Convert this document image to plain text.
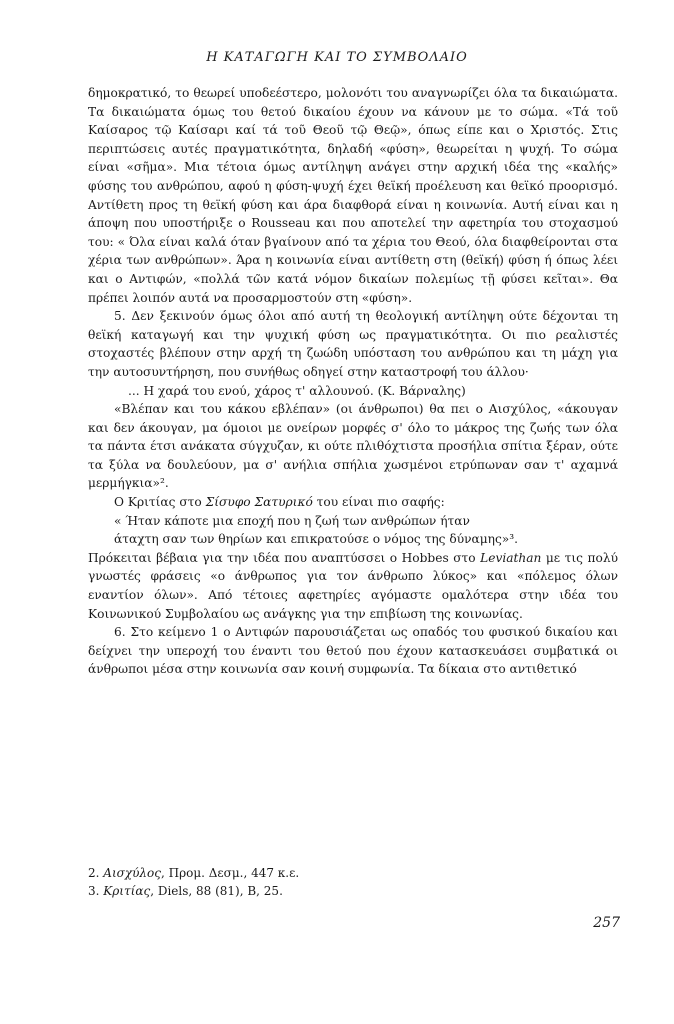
Η ΚΑΤΑΓΩΓΗ ΚΑΙ ΤΟ ΣΥΜΒΟΛΑΙΟ

δημοκρατικό, το θεωρεί υποδεέστερο, μολονότι του αναγνωρίζει όλα τα δικαιώματα. Τα δικαιώματα όμως του θετού δικαίου έχουν να κάνουν με το σώμα. «Τά τοῦ Καίσαρος τῷ Καίσαρι καί τά τοῦ Θεοῦ τῷ Θεῷ», όπως είπε και ο Χριστός. Στις περιπτώσεις αυτές πραγματικότητα, δηλαδή «φύση», θεωρείται η ψυχή. Το σώμα είναι «σῆμα». Μια τέτοια όμως αντίληψη ανάγει στην αρχική ιδέα της «καλής» φύσης του ανθρώπου, αφού η φύση-ψυχή έχει θεϊκή προέλευση και θεϊκό προορισμό. Αντίθετη προς τη θεϊκή φύση και άρα διαφθορά είναι η κοινωνία. Αυτή είναι και η άποψη που υποστήριξε ο Rousseau και που αποτελεί την αφετηρία του στοχασμού του: « Όλα είναι καλά όταν βγαίνουν από τα χέρια του Θεού, όλα διαφθείρονται στα χέρια των ανθρώπων». Άρα η κοινωνία είναι αντίθετη στη (θεϊκή) φύση ή όπως λέει και ο Αντιφών, «πολλά τῶν κατά νόμον δικαίων πολεμίως τῇ φύσει κεῖται». Θα πρέπει λοιπόν αυτά να προσαρμοστούν στη «φύση».

5. Δεν ξεκινούν όμως όλοι από αυτή τη θεολογική αντίληψη ούτε δέχονται τη θεϊκή καταγωγή και την ψυχική φύση ως πραγματικότητα. Οι πιο ρεαλιστές στοχαστές βλέπουν στην αρχή τη ζωώδη υπόσταση του ανθρώπου και τη μάχη για την αυτοσυντήρηση, που συνήθως οδηγεί στην καταστροφή του άλλου·

... Η χαρά του ενού, χάρος τ' αλλουνού. (Κ. Βάρναλης)

«Βλέπαν και του κάκου εβλέπαν» (οι άνθρωποι) θα πει ο Αισχύλος, «άκουγαν και δεν άκουγαν, μα όμοιοι με ονείρων μορφές σ' όλο το μάκρος της ζωής των όλα τα πάντα έτσι ανάκατα σύγχυζαν, κι ούτε πλιθόχτιστα προσήλια σπίτια ξέραν, ούτε τα ξύλα να δουλεύουν, μα σ' ανήλια σπήλια χωσμένοι ετρύπωναν σαν τ' αχαμνά μερμήγκια»².

Ο Κριτίας στο Σίσυφο Σατυρικό του είναι πιο σαφής:

« Ήταν κάποτε μια εποχή που η ζωή των ανθρώπων ήταν

άταχτη σαν των θηρίων και επικρατούσε ο νόμος της δύναμης»³.

Πρόκειται βέβαια για την ιδέα που αναπτύσσει ο Hobbes στο Leviathan με τις πολύ γνωστές φράσεις «ο άνθρωπος για τον άνθρωπο λύκος» και «πόλεμος όλων εναντίον όλων». Από τέτοιες αφετηρίες αγόμαστε ομαλότερα στην ιδέα του Κοινωνικού Συμβολαίου ως ανάγκης για την επιβίωση της κοινωνίας.

6. Στο κείμενο 1 ο Αντιφών παρουσιάζεται ως οπαδός του φυσικού δικαίου και δείχνει την υπεροχή του έναντι του θετού που έχουν κατασκευάσει συμβατικά οι άνθρωποι μέσα στην κοινωνία σαν κοινή συμφωνία. Τα δίκαια στο αντιθετικό

2. Αισχύλος, Προμ. Δεσμ., 447 κ.ε.

3. Κριτίας, Diels, 88 (81), B, 25.

257
